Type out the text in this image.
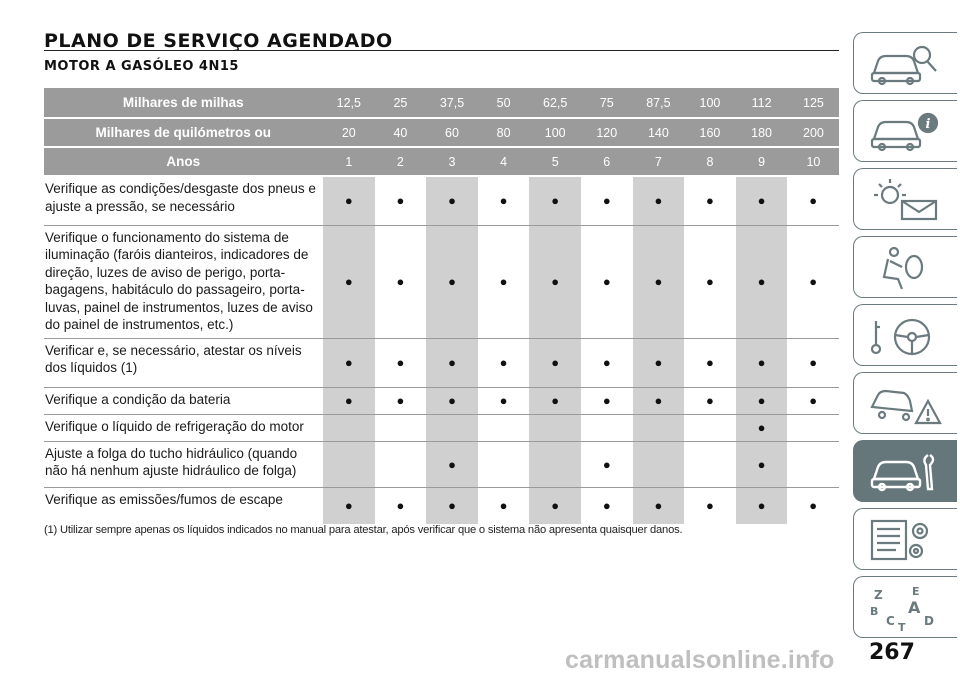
PLANO DE SERVIÇO AGENDADO
MOTOR A GASÓLEO 4N15
Milhares de milhas	12,5	25	37,5	50	62,5	75	87,5	100	112	125
Milhares de quilómetros ou	20	40	60	80	100	120	140	160	180	200
Anos	1	2	3	4	5	6	7	8	9	10
Verifique as condições/desgaste dos pneus e ajuste a pressão, se necessário	●	●	●	●	●	●	●	●	●	●
Verifique o funcionamento do sistema de iluminação (faróis dianteiros, indicadores de direção, luzes de aviso de perigo, porta-bagagens, habitáculo do passageiro, porta-luvas, painel de instrumentos, luzes de aviso do painel de instrumentos, etc.)	●	●	●	●	●	●	●	●	●	●
Verificar e, se necessário, atestar os níveis dos líquidos (1)	●	●	●	●	●	●	●	●	●	●
Verifique a condição da bateria	●	●	●	●	●	●	●	●	●	●
Verifique o líquido de refrigeração do motor									●	
Ajuste a folga do tucho hidráulico (quando não há nenhum ajuste hidráulico de folga)			●			●			●	
Verifique as emissões/fumos de escape	●	●	●	●	●	●	●	●	●	●

(1) Utilizar sempre apenas os líquidos indicados no manual para atestar, após verificar que o sistema não apresenta quaisquer danos.

i
Z	E
B A
C D
T

carmanualsonline.info 267
